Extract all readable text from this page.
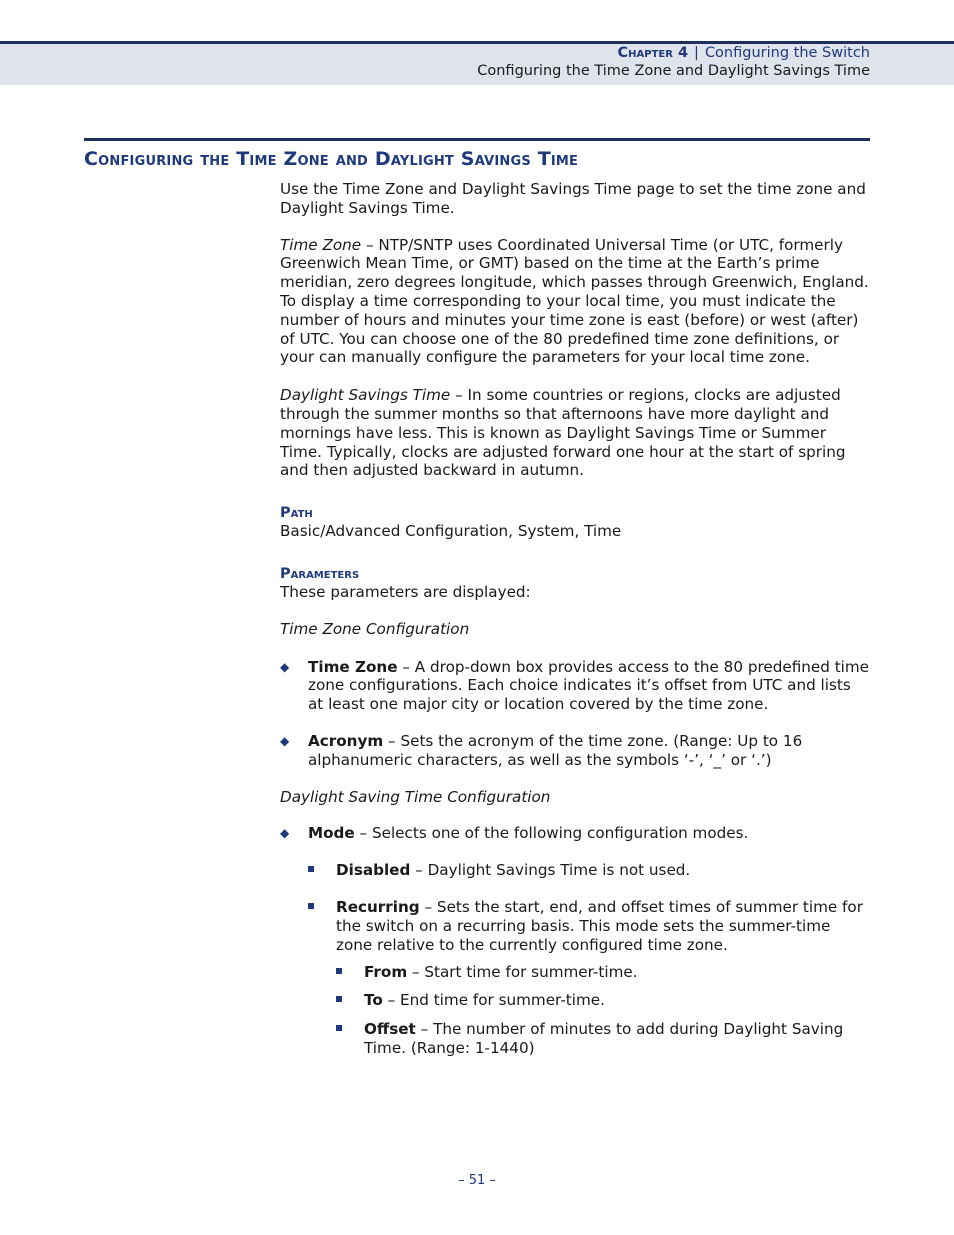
Chapter 4 | Configuring the Switch
Configuring the Time Zone and Daylight Savings Time
Configuring the Time Zone and Daylight Savings Time

Use the Time Zone and Daylight Savings Time page to set the time zone and Daylight Savings Time.

Time Zone – NTP/SNTP uses Coordinated Universal Time (or UTC, formerly Greenwich Mean Time, or GMT) based on the time at the Earth’s prime meridian, zero degrees longitude, which passes through Greenwich, England. To display a time corresponding to your local time, you must indicate the number of hours and minutes your time zone is east (before) or west (after) of UTC. You can choose one of the 80 predefined time zone definitions, or your can manually configure the parameters for your local time zone.

Daylight Savings Time – In some countries or regions, clocks are adjusted through the summer months so that afternoons have more daylight and mornings have less. This is known as Daylight Savings Time or Summer Time. Typically, clocks are adjusted forward one hour at the start of spring and then adjusted backward in autumn.

Path

Basic/Advanced Configuration, System, Time

Parameters

These parameters are displayed:

Time Zone Configuration

◆ Time Zone – A drop-down box provides access to the 80 predefined time zone configurations. Each choice indicates it’s offset from UTC and lists at least one major city or location covered by the time zone.

◆ Acronym – Sets the acronym of the time zone. (Range: Up to 16 alphanumeric characters, as well as the symbols ‘-’, ‘_’ or ‘.’)

Daylight Saving Time Configuration

◆ Mode – Selects one of the following configuration modes.

Disabled – Daylight Savings Time is not used.

Recurring – Sets the start, end, and offset times of summer time for the switch on a recurring basis. This mode sets the summer-time zone relative to the currently configured time zone.

From – Start time for summer-time.

To – End time for summer-time.

Offset – The number of minutes to add during Daylight Saving Time. (Range: 1-1440)

– 51 –
